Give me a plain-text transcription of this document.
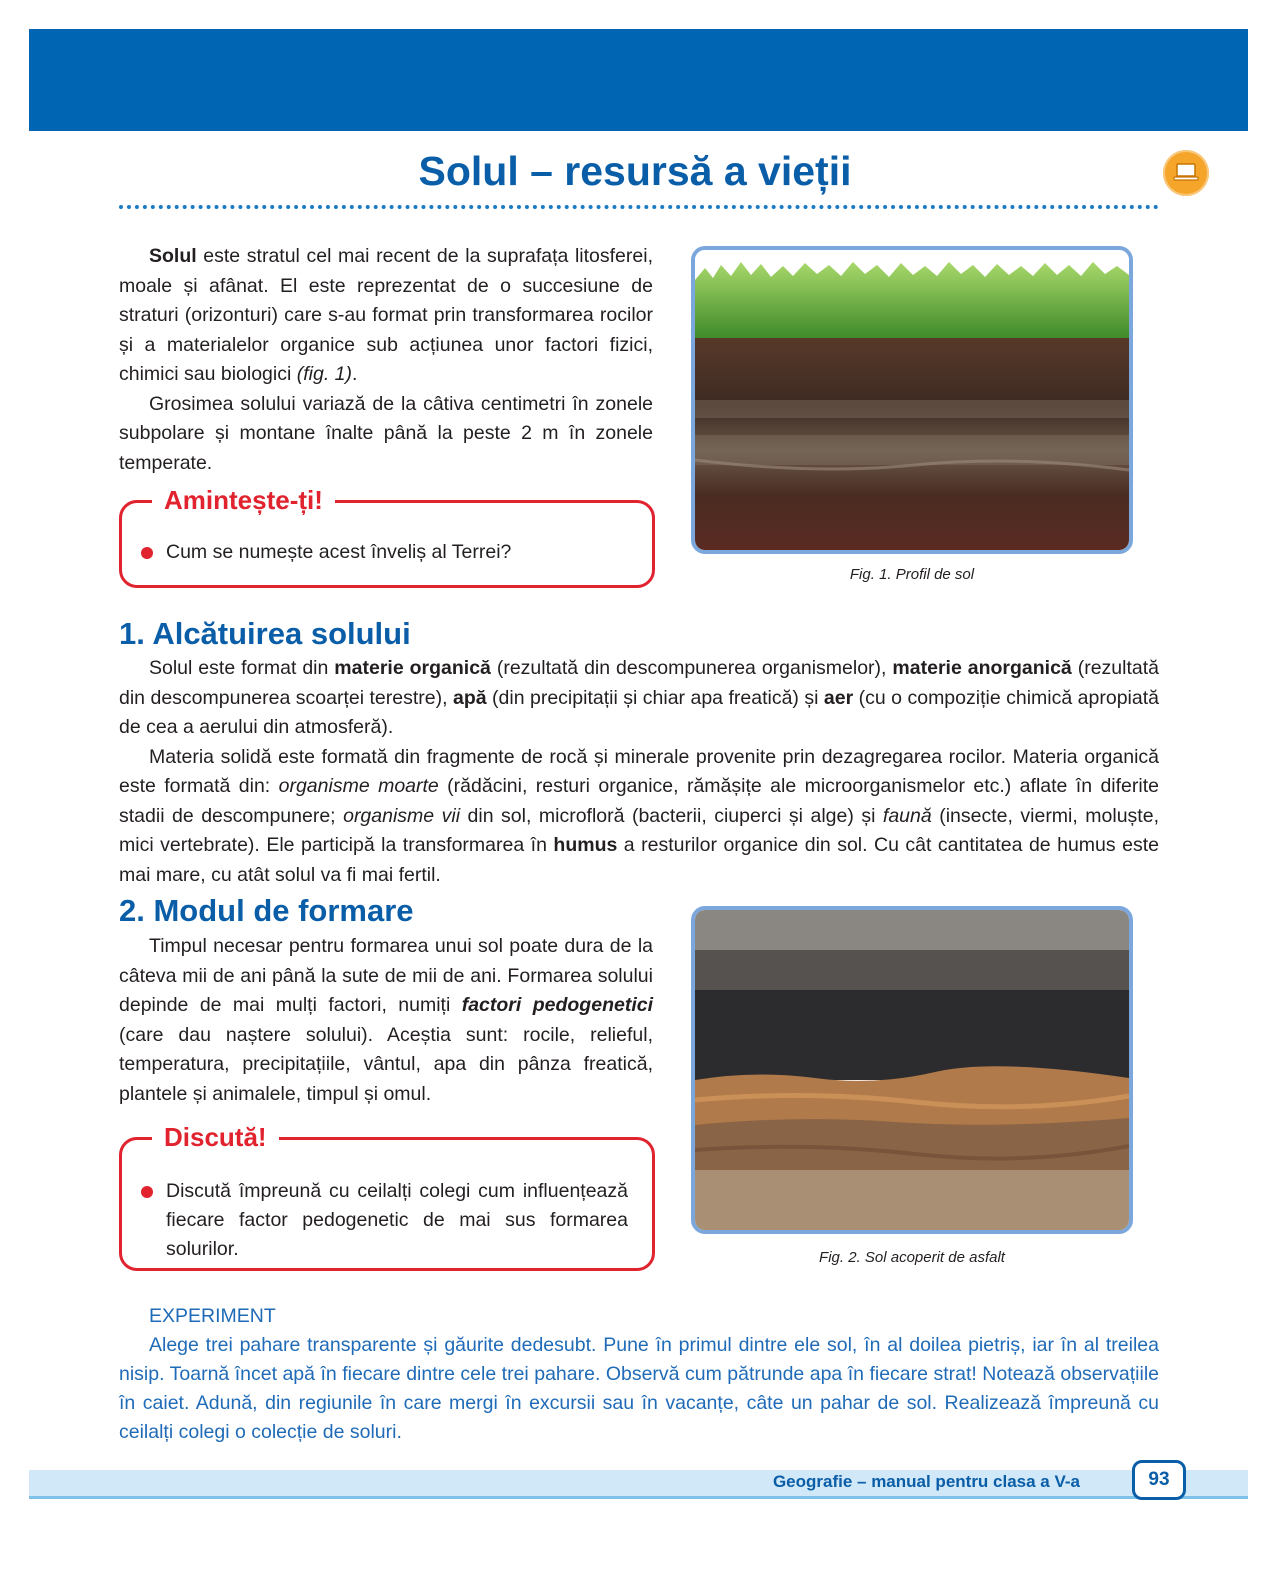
Solul – resursă a vieții

Solul este stratul cel mai recent de la suprafața litosferei, moale și afânat. El este reprezentat de o succesiune de straturi (orizonturi) care s-au format prin transformarea rocilor și a materialelor organice sub acțiunea unor factori fizici, chimici sau biologici (fig. 1).

Grosimea solului variază de la câtiva centimetri în zonele subpolare și montane înalte până la peste 2 m în zonele temperate.

Amintește-ți!
Cum se numește acest înveliș al Terrei?
Fig. 1. Profil de sol
1. Alcătuirea solului

Solul este format din materie organică (rezultată din descompunerea organismelor), materie anorganică (rezultată din descompunerea scoarței terestre), apă (din precipitații și chiar apa freatică) și aer (cu o compoziție chimică apropiată de cea a aerului din atmosferă).

Materia solidă este formată din fragmente de rocă și minerale provenite prin dezagregarea rocilor. Materia organică este formată din: organisme moarte (rădăcini, resturi organice, rămășițe ale microorganismelor etc.) aflate în diferite stadii de descompunere; organisme vii din sol, microfloră (bacterii, ciuperci și alge) și faună (insecte, viermi, moluște, mici vertebrate). Ele participă la transformarea în humus a resturilor organice din sol. Cu cât cantitatea de humus este mai mare, cu atât solul va fi mai fertil.

2. Modul de formare

Timpul necesar pentru formarea unui sol poate dura de la câteva mii de ani până la sute de mii de ani. Formarea solului depinde de mai mulți factori, numiți factori pedogenetici (care dau naștere solului). Aceștia sunt: rocile, relieful, temperatura, precipitațiile, vântul, apa din pânza freatică, plantele și animalele, timpul și omul.

Discută!
Discută împreună cu ceilalți colegi cum influențează fiecare factor pedogenetic de mai sus formarea solurilor.	Fig. 2. Sol acoperit de asfalt
EXPERIMENT

Alege trei pahare transparente și găurite dedesubt. Pune în primul dintre ele sol, în al doilea pietriș, iar în al treilea nisip. Toarnă încet apă în fiecare dintre cele trei pahare. Observă cum pătrunde apa în fiecare strat! Notează observațiile în caiet. Adună, din regiunile în care mergi în excursii sau în vacanțe, câte un pahar de sol. Realizează împreună cu ceilalți colegi o colecție de soluri.

Geografie – manual pentru clasa a V-a	93
